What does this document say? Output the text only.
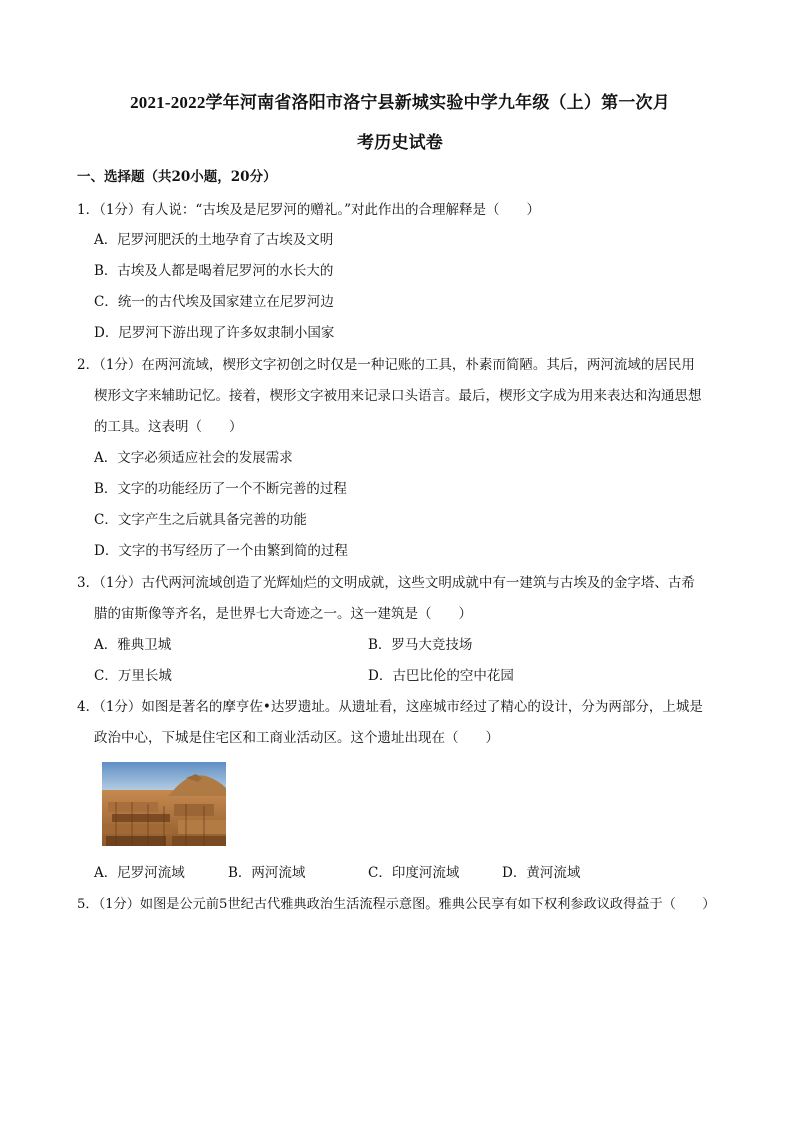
2021-2022学年河南省洛阳市洛宁县新城实验中学九年级（上）第一次月
考历史试卷
一、选择题（共20小题，20分）
1．（1分）有人说：“古埃及是尼罗河的赠礼。”对此作出的合理解释是（　　）
A．尼罗河肥沃的土地孕育了古埃及文明
B．古埃及人都是喝着尼罗河的水长大的
C．统一的古代埃及国家建立在尼罗河边
D．尼罗河下游出现了许多奴隶制小国家
2．（1分）在两河流域，楔形文字初创之时仅是一种记账的工具，朴素而简陋。其后，两河流域的居民用
楔形文字来辅助记忆。接着，楔形文字被用来记录口头语言。最后，楔形文字成为用来表达和沟通思想
的工具。这表明（　　）
A．文字必须适应社会的发展需求
B．文字的功能经历了一个不断完善的过程
C．文字产生之后就具备完善的功能
D．文字的书写经历了一个由繁到简的过程
3．（1分）古代两河流域创造了光辉灿烂的文明成就，这些文明成就中有一建筑与古埃及的金字塔、古希
腊的宙斯像等齐名，是世界七大奇迹之一。这一建筑是（　　）
A．雅典卫城	B．罗马大竞技场
C．万里长城	D．古巴比伦的空中花园
4．（1分）如图是著名的摩亨佐•达罗遗址。从遗址看，这座城市经过了精心的设计，分为两部分，上城是
政治中心，下城是住宅区和工商业活动区。这个遗址出现在（　　）
A．尼罗河流域	B．两河流域	C．印度河流域	D．黄河流域
5．（1分）如图是公元前5世纪古代雅典政治生活流程示意图。雅典公民享有如下权利参政议政得益于（　　）
